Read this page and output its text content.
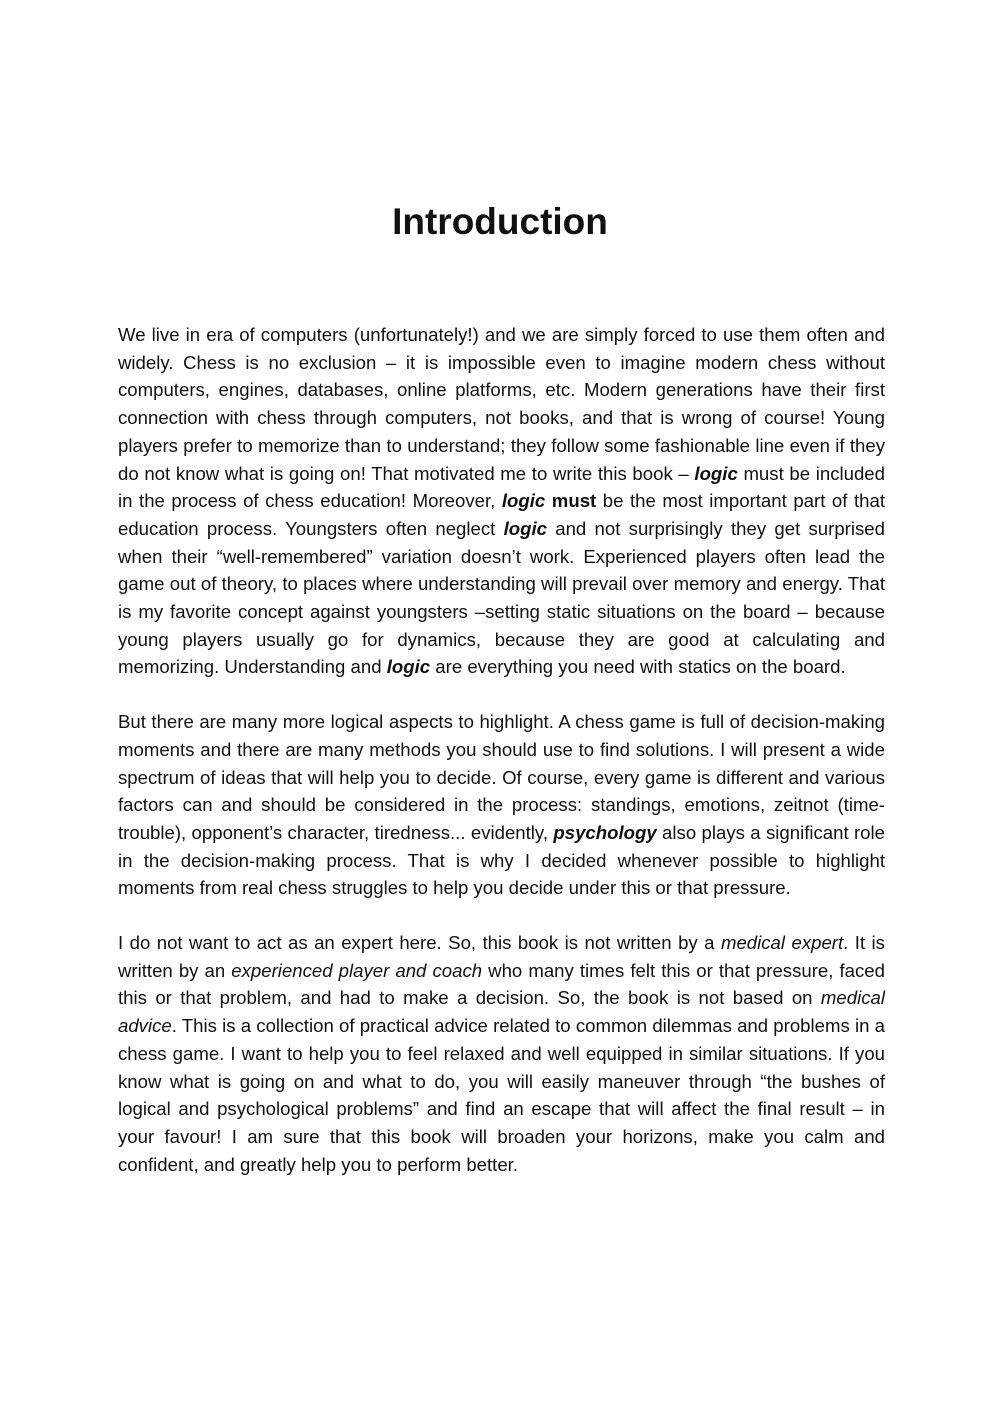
Introduction

We live in era of computers (unfortunately!) and we are simply forced to use them often and widely. Chess is no exclusion – it is impossible even to imagine modern chess without computers, engines, databases, online platforms, etc. Modern generations have their first connection with chess through computers, not books, and that is wrong of course! Young players prefer to memorize than to understand; they follow some fashionable line even if they do not know what is going on! That motivated me to write this book – logic must be included in the process of chess education! Moreover, logic must be the most important part of that education process. Youngsters often neglect logic and not surprisingly they get surprised when their “well-remembered” variation doesn’t work. Experienced players often lead the game out of theory, to places where understanding will prevail over memory and energy. That is my favorite concept against youngsters –setting static situations on the board – because young players usually go for dynamics, because they are good at calculating and memorizing. Understanding and logic are everything you need with statics on the board.

But there are many more logical aspects to highlight. A chess game is full of decision-making moments and there are many methods you should use to find solutions. I will present a wide spectrum of ideas that will help you to decide. Of course, every game is different and various factors can and should be considered in the process: standings, emotions, zeitnot (time-trouble), opponent’s character, tiredness... evidently, psychology also plays a significant role in the decision-making process. That is why I decided whenever possible to highlight moments from real chess struggles to help you decide under this or that pressure.

I do not want to act as an expert here. So, this book is not written by a medical expert. It is written by an experienced player and coach who many times felt this or that pressure, faced this or that problem, and had to make a decision. So, the book is not based on medical advice. This is a collection of practical advice related to common dilemmas and problems in a chess game. I want to help you to feel relaxed and well equipped in similar situations. If you know what is going on and what to do, you will easily maneuver through “the bushes of logical and psychological problems” and find an escape that will affect the final result – in your favour! I am sure that this book will broaden your horizons, make you calm and confident, and greatly help you to perform better.
